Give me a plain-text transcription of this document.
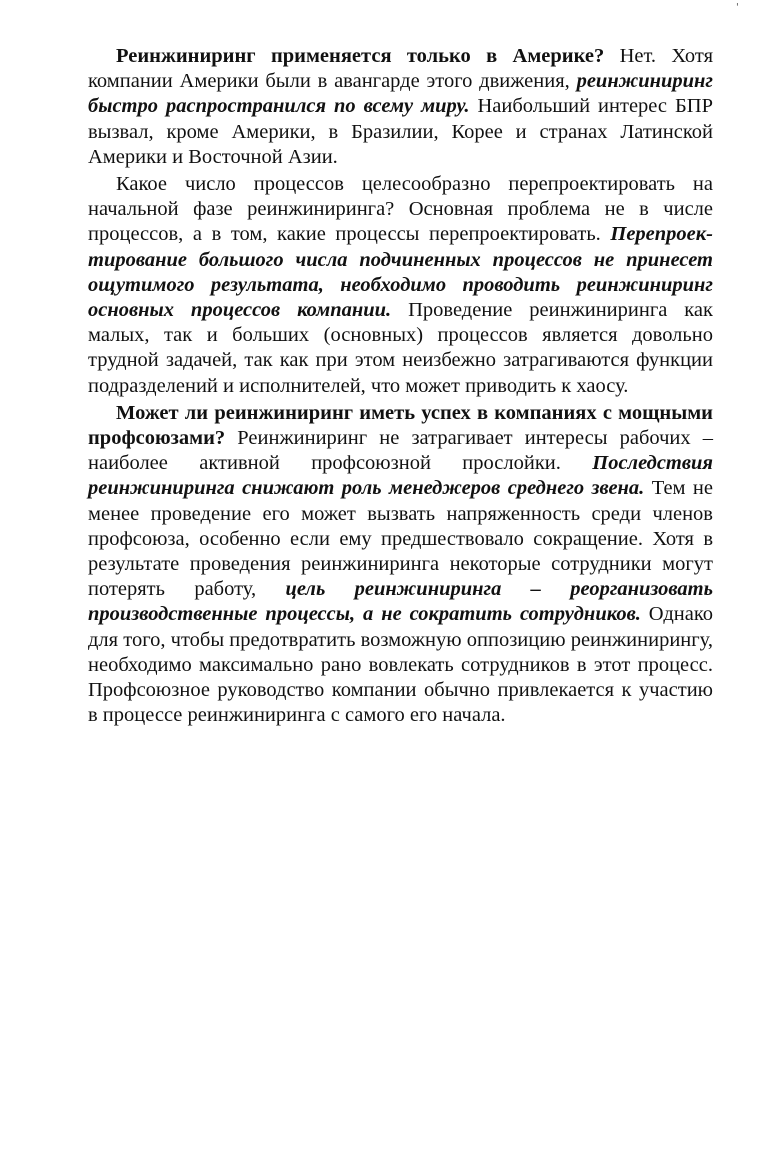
'

Реинжиниринг применяется только в Америке? Нет. Хотя компании Америки были в авангарде этого движения, реинжиниринг быстро распространился по всему миру. Наибольший интерес БПР вызвал, кроме Америки, в Бразилии, Корее и странах Латинской Америки и Восточной Азии.

Какое число процессов целесообразно перепроектировать на начальной фазе реинжиниринга? Основная проблема не в числе процессов, а в том, какие процессы перепроектировать. Перепроектирование большого числа подчиненных процессов не принесет ощутимого результата, необходимо проводить реинжиниринг основных процессов компании. Проведение реинжиниринга как малых, так и больших (основных) процессов является довольно трудной задачей, так как при этом неизбежно затрагиваются функции подразделений и исполнителей, что может приводить к хаосу.

Может ли реинжиниринг иметь успех в компаниях с мощными профсоюзами? Реинжиниринг не затрагивает интересы рабочих – наиболее активной профсоюзной прослойки. Последствия реинжиниринга снижают роль менеджеров среднего звена. Тем не менее проведение его может вызвать напряженность среди членов профсоюза, особенно если ему предшествовало сокращение. Хотя в результате проведения реинжиниринга некоторые сотрудники могут потерять работу, цель реинжиниринга – реорганизовать производственные процессы, а не сократить сотрудников. Однако для того, чтобы предотвратить возможную оппозицию реинжинирингу, необходимо максимально рано вовлекать сотрудников в этот процесс. Профсоюзное руководство компании обычно привлекается к участию в процессе реинжиниринга с самого его начала.
